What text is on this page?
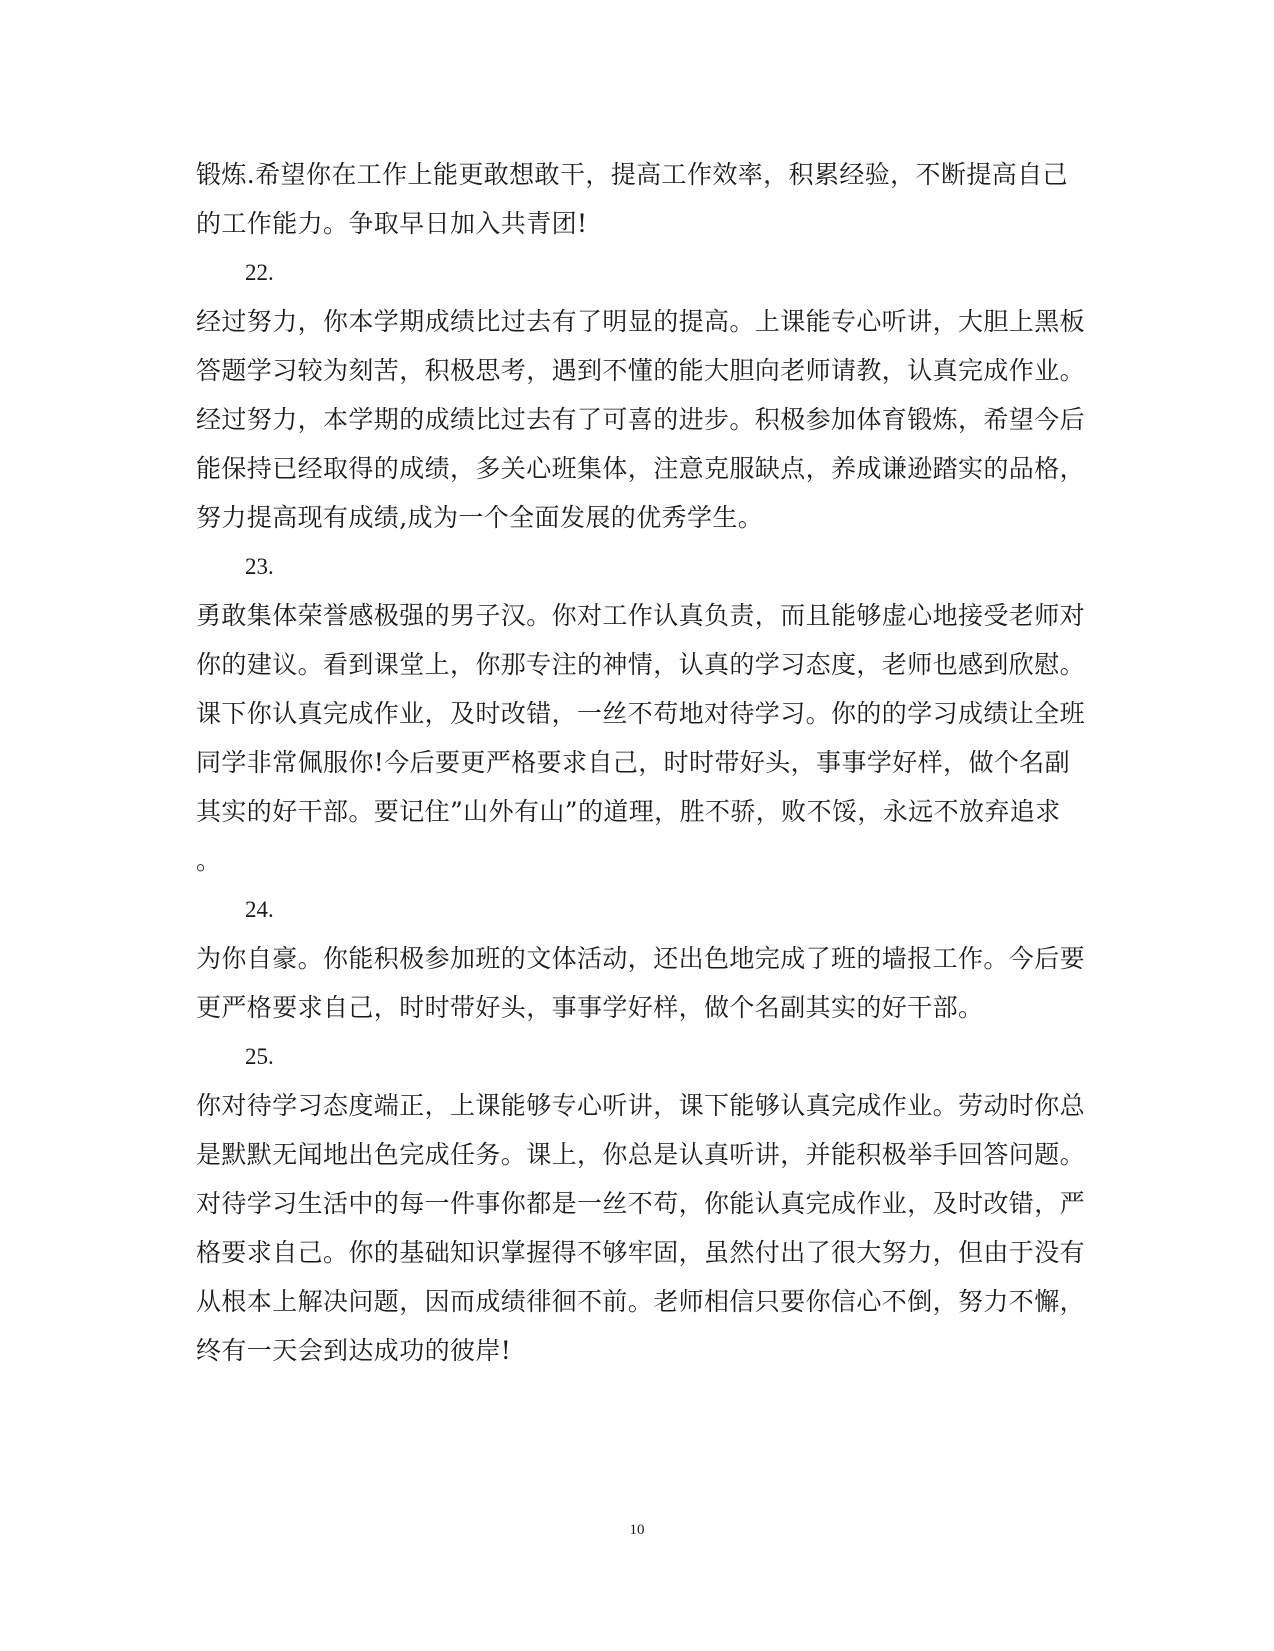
锻炼.希望你在工作上能更敢想敢干，提高工作效率，积累经验，不断提高自己
的工作能力。争取早日加入共青团!
22.
经过努力，你本学期成绩比过去有了明显的提高。上课能专心听讲，大胆上黑板
答题学习较为刻苦，积极思考，遇到不懂的能大胆向老师请教，认真完成作业。
经过努力，本学期的成绩比过去有了可喜的进步。积极参加体育锻炼，希望今后
能保持已经取得的成绩，多关心班集体，注意克服缺点，养成谦逊踏实的品格，
努力提高现有成绩,成为一个全面发展的优秀学生。
23.
勇敢集体荣誉感极强的男子汉。你对工作认真负责，而且能够虚心地接受老师对
你的建议。看到课堂上，你那专注的神情，认真的学习态度，老师也感到欣慰。
课下你认真完成作业，及时改错，一丝不苟地对待学习。你的的学习成绩让全班
同学非常佩服你!今后要更严格要求自己，时时带好头，事事学好样，做个名副
其实的好干部。要记住”山外有山”的道理，胜不骄，败不馁，永远不放弃追求
。
24.
为你自豪。你能积极参加班的文体活动，还出色地完成了班的墙报工作。今后要
更严格要求自己，时时带好头，事事学好样，做个名副其实的好干部。
25.
你对待学习态度端正，上课能够专心听讲，课下能够认真完成作业。劳动时你总
是默默无闻地出色完成任务。课上，你总是认真听讲，并能积极举手回答问题。
对待学习生活中的每一件事你都是一丝不苟，你能认真完成作业，及时改错，严
格要求自己。你的基础知识掌握得不够牢固，虽然付出了很大努力，但由于没有
从根本上解决问题，因而成绩徘徊不前。老师相信只要你信心不倒，努力不懈，
终有一天会到达成功的彼岸!
10
